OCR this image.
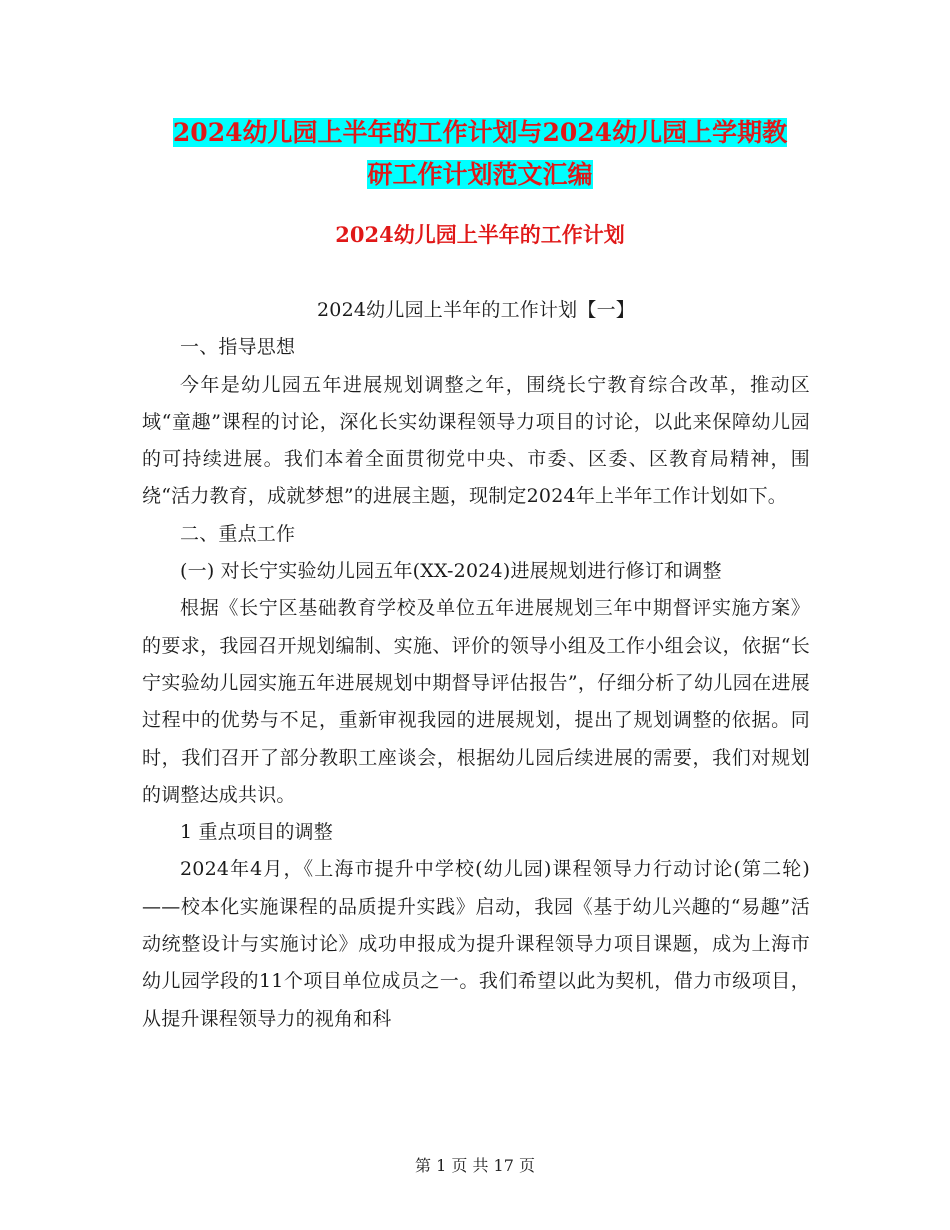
2024幼儿园上半年的工作计划与2024幼儿园上学期教
研工作计划范文汇编
2024幼儿园上半年的工作计划

2024幼儿园上半年的工作计划【一】

一、指导思想

今年是幼儿园五年进展规划调整之年，围绕长宁教育综合改革，推动区域“童趣”课程的讨论，深化长实幼课程领导力项目的讨论，以此来保障幼儿园的可持续进展。我们本着全面贯彻党中央、市委、区委、区教育局精神，围绕“活力教育，成就梦想”的进展主题，现制定2024年上半年工作计划如下。

二、重点工作

(一) 对长宁实验幼儿园五年(XX-2024)进展规划进行修订和调整

根据《长宁区基础教育学校及单位五年进展规划三年中期督评实施方案》的要求，我园召开规划编制、实施、评价的领导小组及工作小组会议，依据“长宁实验幼儿园实施五年进展规划中期督导评估报告”，仔细分析了幼儿园在进展过程中的优势与不足，重新审视我园的进展规划，提出了规划调整的依据。同时，我们召开了部分教职工座谈会，根据幼儿园后续进展的需要，我们对规划的调整达成共识。

1 重点项目的调整

2024年4月，《上海市提升中学校(幼儿园)课程领导力行动讨论(第二轮)——校本化实施课程的品质提升实践》启动，我园《基于幼儿兴趣的“易趣”活动统整设计与实施讨论》成功申报成为提升课程领导力项目课题，成为上海市幼儿园学段的11个项目单位成员之一。我们希望以此为契机，借力市级项目，从提升课程领导力的视角和科

第 1 页 共 17 页
